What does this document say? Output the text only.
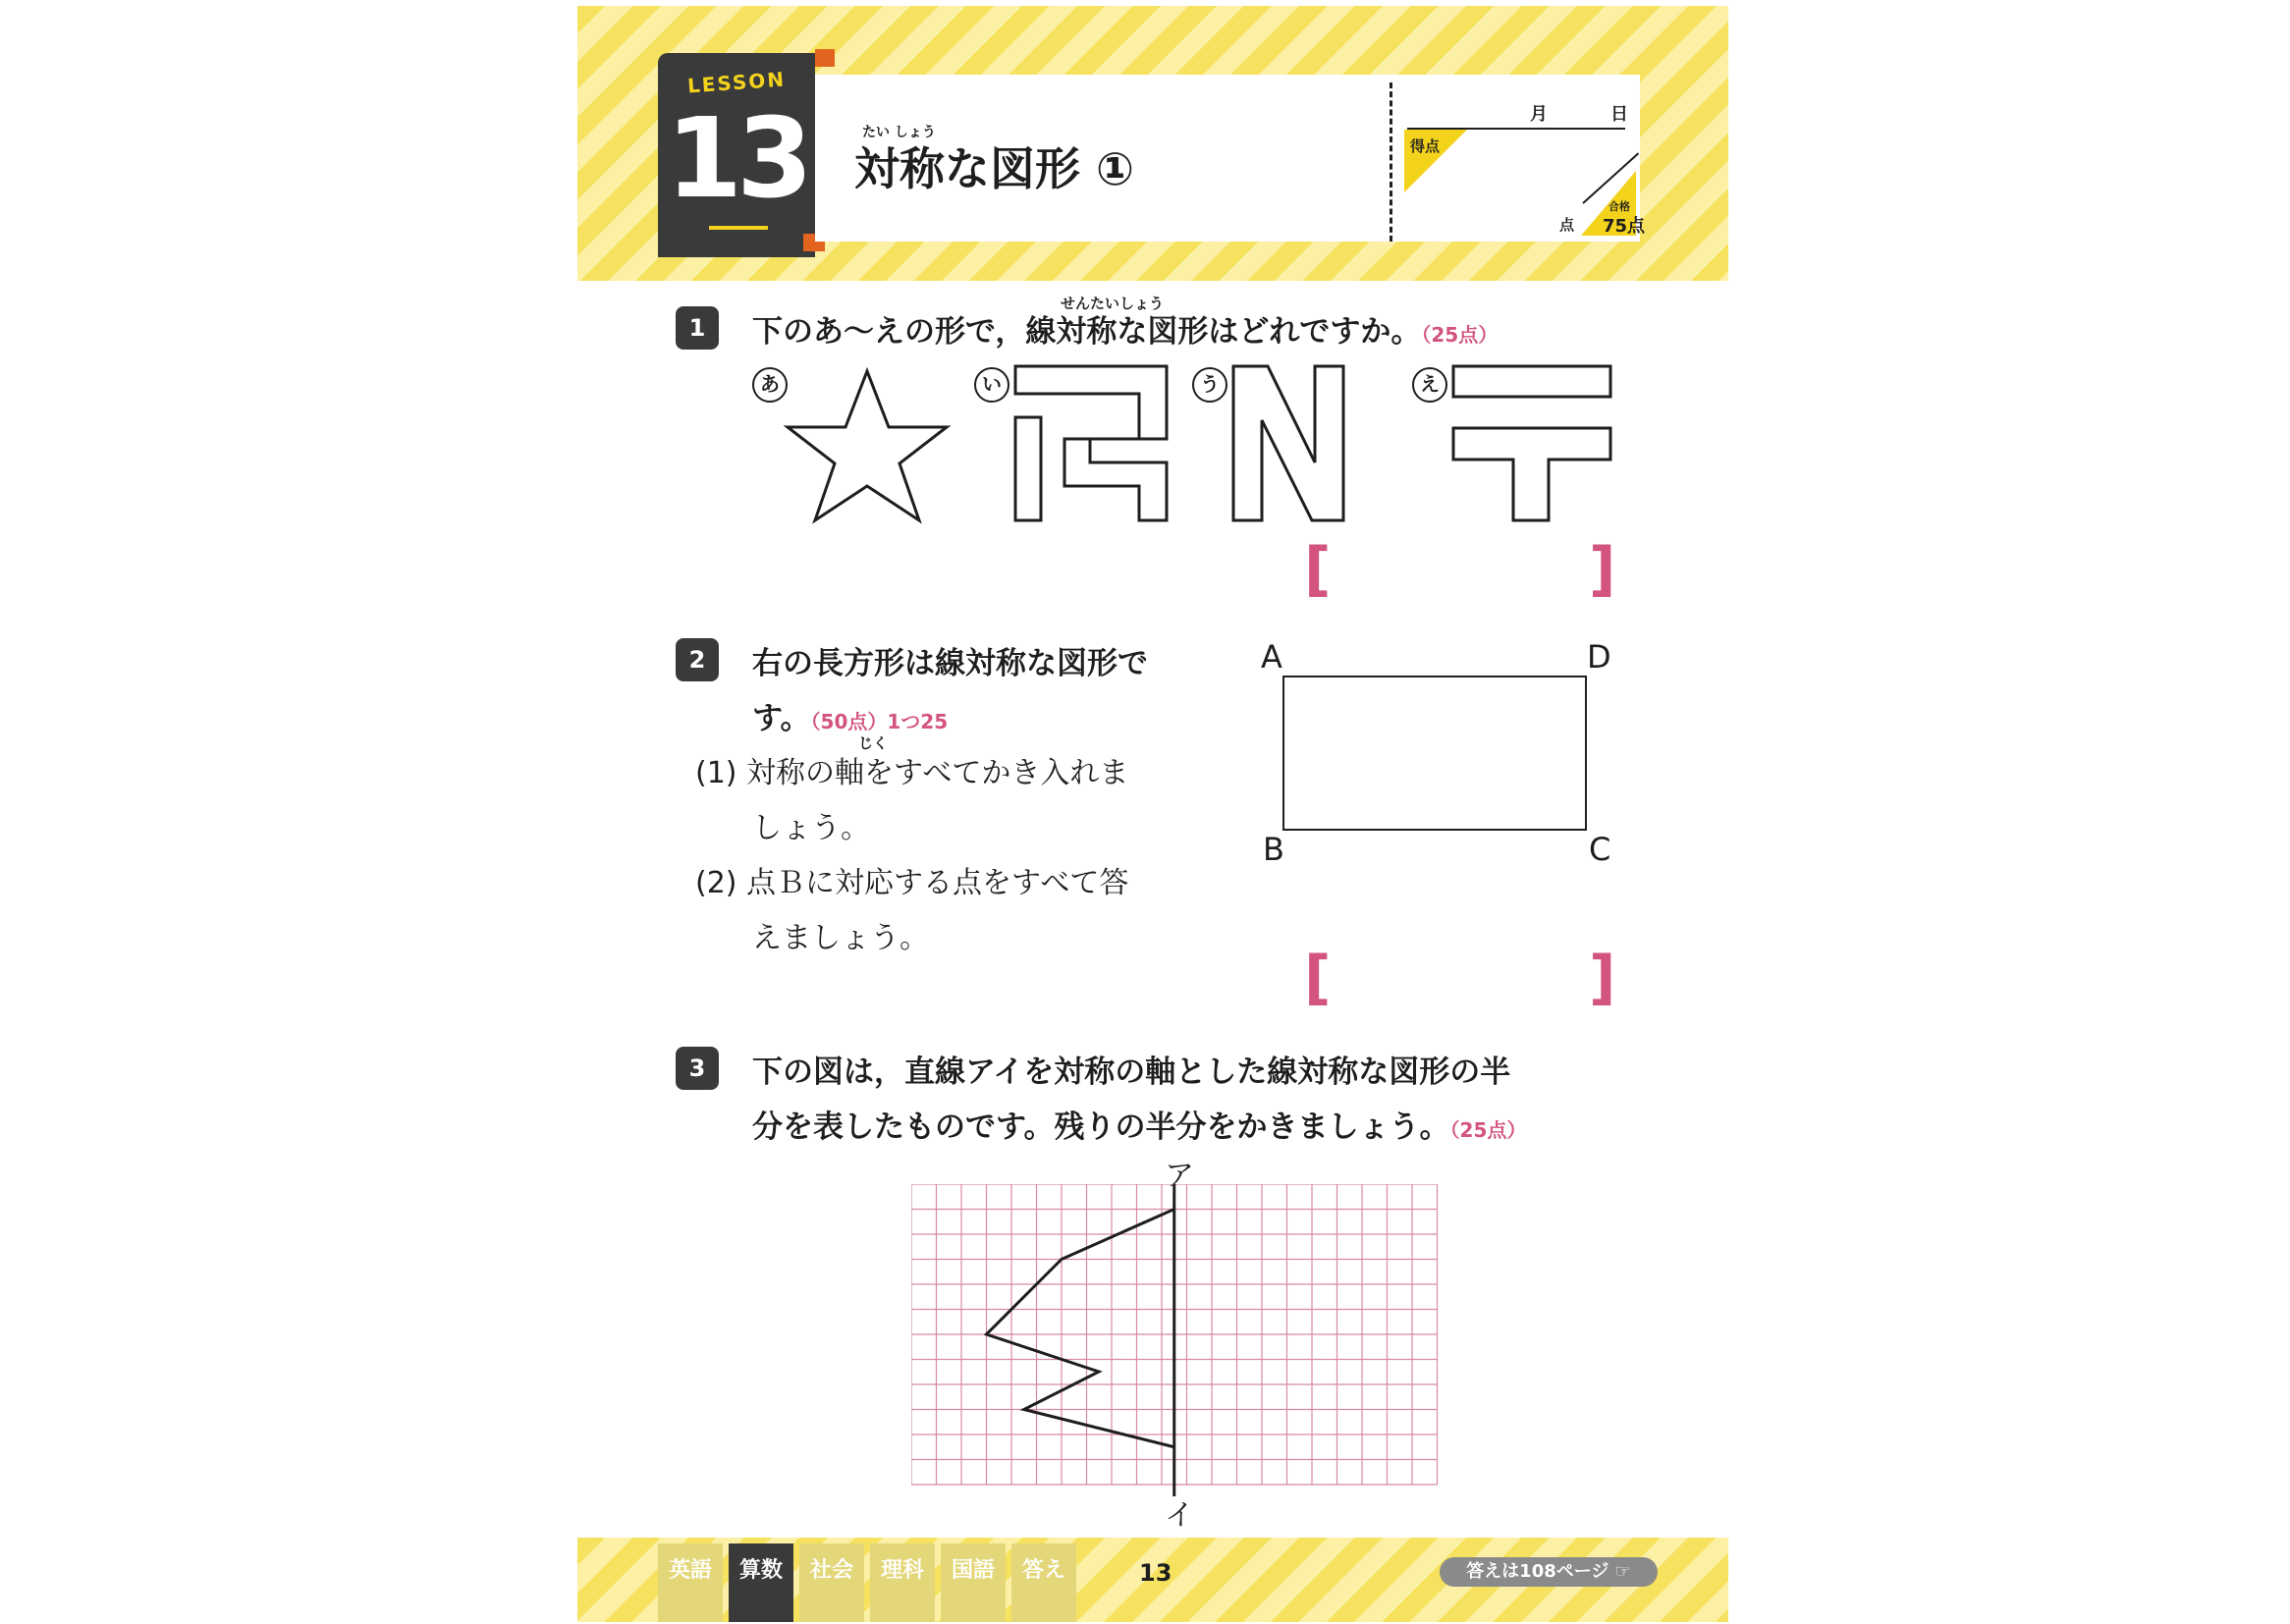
LESSON
13	たい しょう
対称な図形 ①
月	日
得点
点
合格
75点
1
せんたいしょう
下のあ〜えの形で，線対称な図形はどれですか。（25点）
あ	い	う	え
[	]
2	右の長方形は線対称な図形で
す。（50点）1つ25
じく
(1) 対称の軸をすべてかき入れま
しょう。
(2) 点Ｂに対応する点をすべて答
えましょう。
A	D
B	C
[	]
3	下の図は，直線アイを対称の軸とした線対称な図形の半
分を表したものです。残りの半分をかきましょう。（25点）
ア
イ
英語	算数	社会	理科	国語	答え	13	答えは108ページ ☞
